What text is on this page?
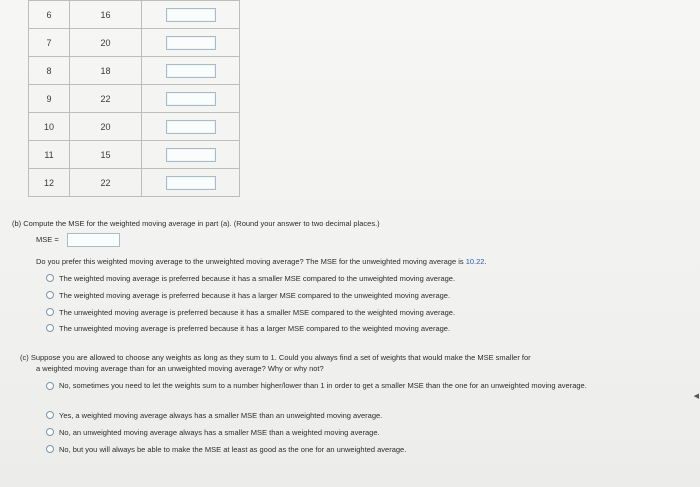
6	16	
7	20	
8	18	
9	22	
10	20	
11	15	
12	22	
(b) Compute the MSE for the weighted moving average in part (a). (Round your answer to two decimal places.)
MSE =
Do you prefer this weighted moving average to the unweighted moving average? The MSE for the unweighted moving average is 10.22.
The weighted moving average is preferred because it has a smaller MSE compared to the unweighted moving average.
The weighted moving average is preferred because it has a larger MSE compared to the unweighted moving average.
The unweighted moving average is preferred because it has a smaller MSE compared to the weighted moving average.
The unweighted moving average is preferred because it has a larger MSE compared to the weighted moving average.
(c) Suppose you are allowed to choose any weights as long as they sum to 1. Could you always find a set of weights that would make the MSE smaller for
a weighted moving average than for an unweighted moving average? Why or why not?
No, sometimes you need to let the weights sum to a number higher/lower than 1 in order to get a smaller MSE than the one for an unweighted moving average.
Yes, a weighted moving average always has a smaller MSE than an unweighted moving average.
No, an unweighted moving average always has a smaller MSE than a weighted moving average.
No, but you will always be able to make the MSE at least as good as the one for an unweighted average.
◀
